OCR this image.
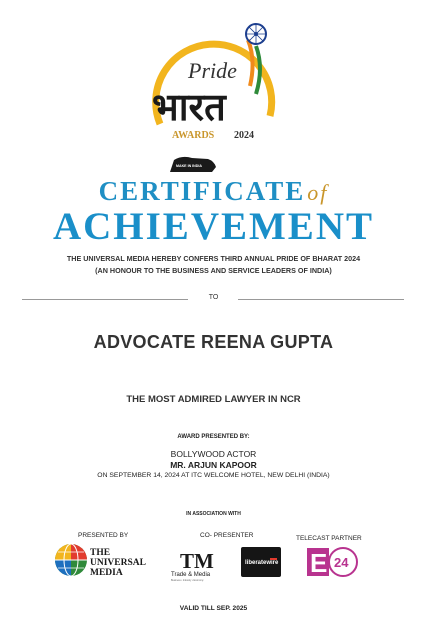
Pride
भारत
AWARDS 2024
MAKE IN INDIA
CERTIFICATEof
ACHIEVEMENT
THE UNIVERSAL MEDIA HEREBY CONFERS THIRD ANNUAL PRIDE OF BHARAT 2024
(AN HONOUR TO THE BUSINESS AND SERVICE LEADERS OF INDIA)
TO
ADVOCATE REENA GUPTA
THE MOST ADMIRED LAWYER IN NCR
AWARD PRESENTED BY:
BOLLYWOOD ACTOR
MR. ARJUN KAPOOR
ON SEPTEMBER 14, 2024 AT ITC WELCOME HOTEL, NEW DELHI (INDIA)
IN ASSOCIATION WITH
PRESENTED BY	CO- PRESENTER	TELECAST PARTNER
THE
UNIVERSAL
MEDIA	TM
Trade & Media
Business • Industry • Economy
liberatewire E 24
VALID TILL SEP. 2025
